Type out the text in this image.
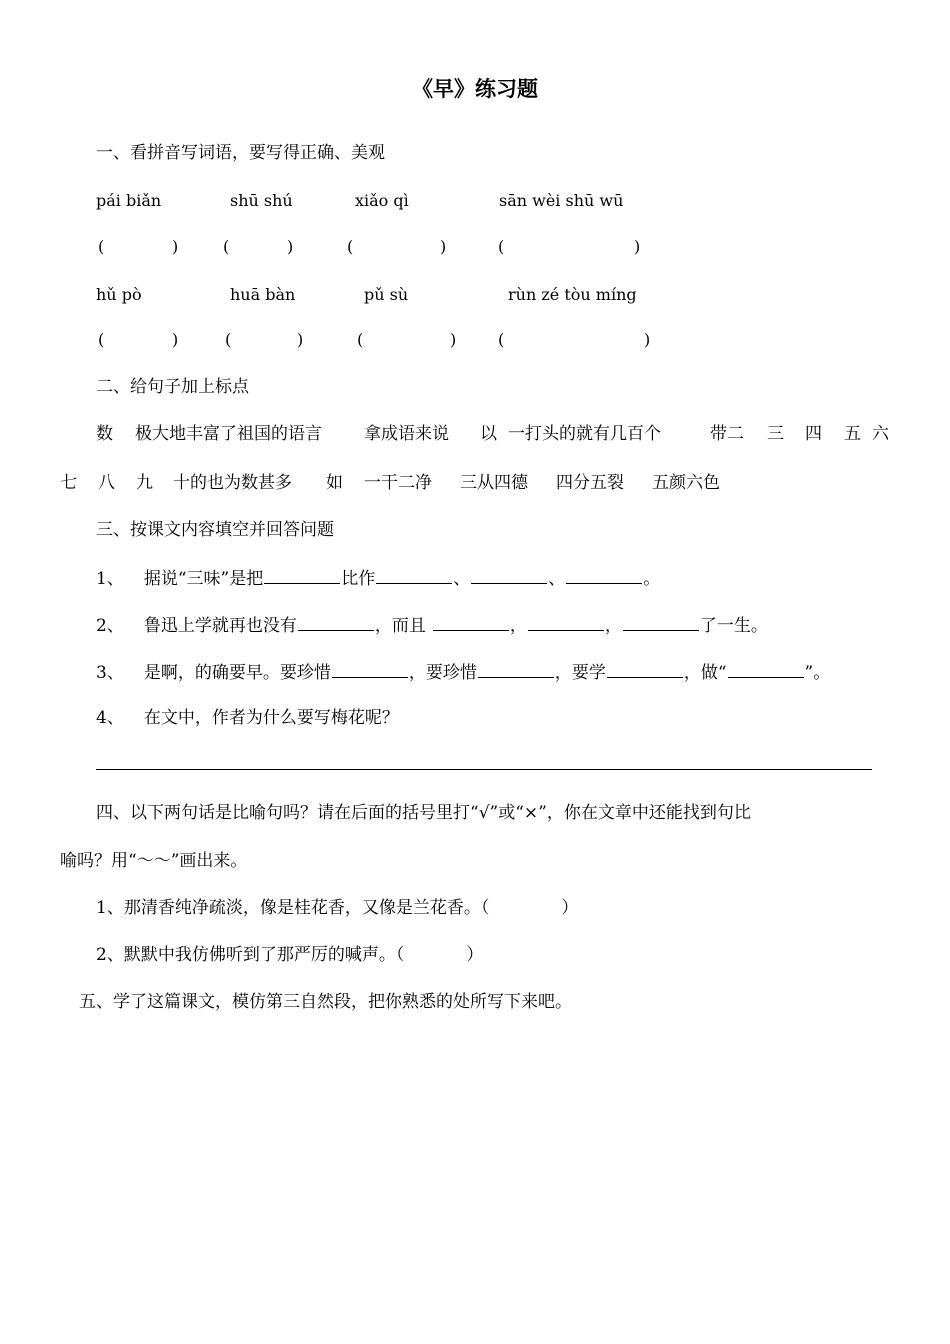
《早》练习题
一、看拼音写词语，要写得正确、美观
pái biǎn	shū shú	xiǎo qì	sān wèi shū wū
(	)	(	)	(	)	(	)
hǔ pò	huā bàn	pǔ sù	rùn zé tòu míng
(	)	(	)	(	)	(	)
二、给句子加上标点
数 极大地丰富了祖国的语言 拿成语来说 以 一打头的就有几百个	带二 三 四 五 六
七 八 九 十的也为数甚多 如 一干二净 三从四德 四分五裂 五颜六色
三、按课文内容填空并回答问题
1、 据说“三味”是把	比作	、	、	。
2、 鲁迅上学就再也没有	，而且	，	，	了一生。
3、 是啊，的确要早。要珍惜	，要珍惜	，要学	，做“	”。
4、 在文中，作者为什么要写梅花呢？
四、以下两句话是比喻句吗？请在后面的括号里打“√”或“×”，你在文章中还能找到句比
喻吗？用“～～”画出来。
1、那清香纯净疏淡，像是桂花香，又像是兰花香。（	）
2、默默中我仿佛听到了那严厉的喊声。（	）
五、学了这篇课文，模仿第三自然段，把你熟悉的处所写下来吧。
